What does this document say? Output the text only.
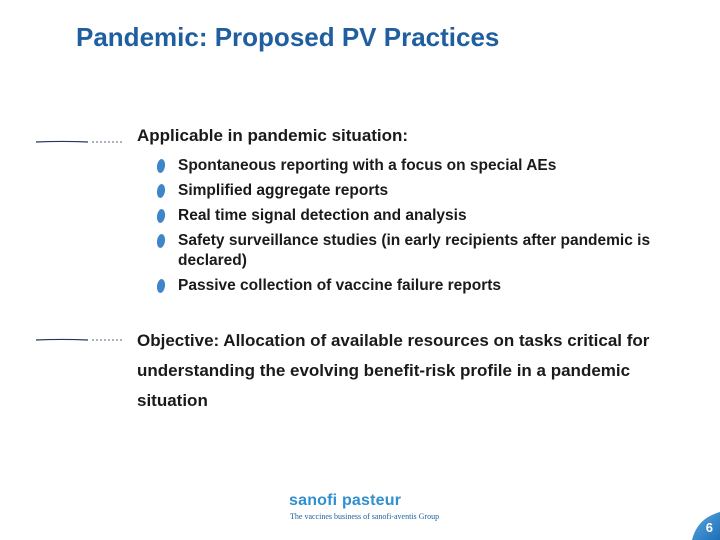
Pandemic: Proposed PV Practices
Applicable in pandemic situation:
Spontaneous reporting with a focus on special AEs
Simplified aggregate reports
Real time signal detection and analysis
Safety surveillance studies (in early recipients after pandemic is declared)
Passive collection of vaccine failure reports

Objective: Allocation of available resources on tasks critical for understanding the evolving benefit-risk profile in a pandemic situation

sanofi pasteur
The vaccines business of sanofi-aventis Group
6
